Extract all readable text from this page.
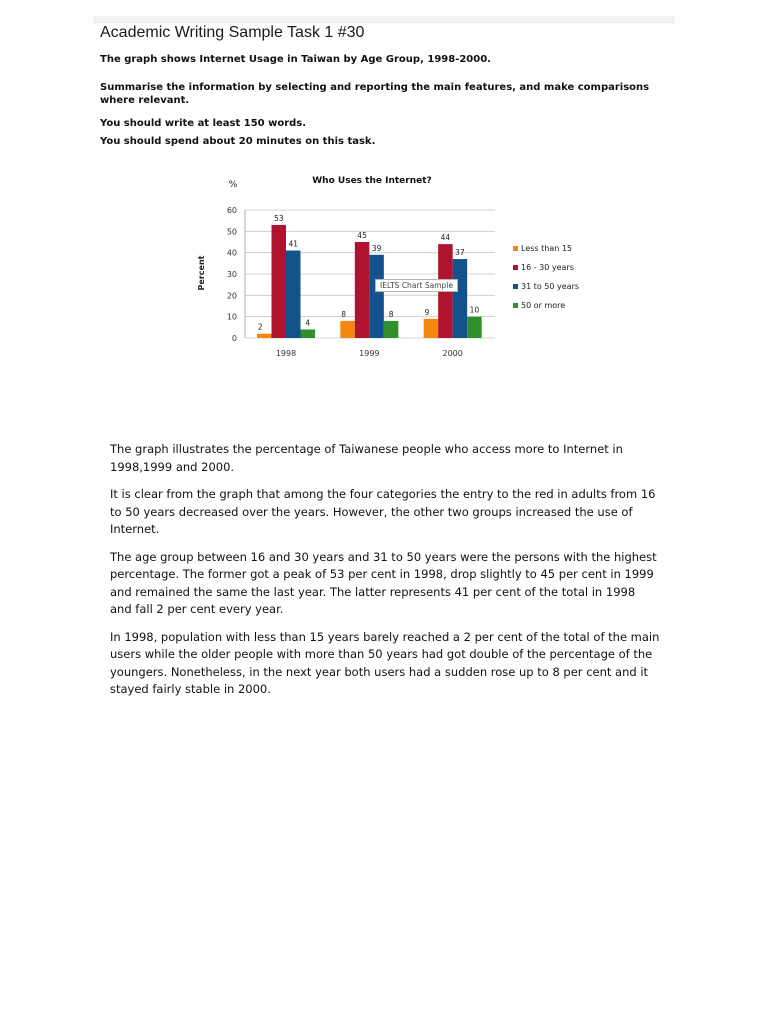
Academic Writing Sample Task 1 #30
The graph shows Internet Usage in Taiwan by Age Group, 1998-2000.
Summarise the information by selecting and reporting the main features, and make comparisons where relevant.
You should write at least 150 words.
You should spend about 20 minutes on this task.
Who Uses the Internet?
%
Percent
0
10
20
30
40
50
60
2
53
41
4
1998
8
45
39
8
1999
9
44
37
10
2000
IELTS Chart Sample
Less than 15
16 - 30 years
31 to 50 years
50 or more

The graph illustrates the percentage of Taiwanese people who access more to Internet in 1998,1999 and 2000.

It is clear from the graph that among the four categories the entry to the red in adults from 16 to 50 years decreased over the years. However, the other two groups increased the use of Internet.

The age group between 16 and 30 years and 31 to 50 years were the persons with the highest percentage. The former got a peak of 53 per cent in 1998, drop slightly to 45 per cent in 1999 and remained the same the last year. The latter represents 41 per cent of the total in 1998 and fall 2 per cent every year.

In 1998, population with less than 15 years barely reached a 2 per cent of the total of the main users while the older people with more than 50 years had got double of the percentage of the youngers. Nonetheless, in the next year both users had a sudden rose up to 8 per cent and it stayed fairly stable in 2000.
